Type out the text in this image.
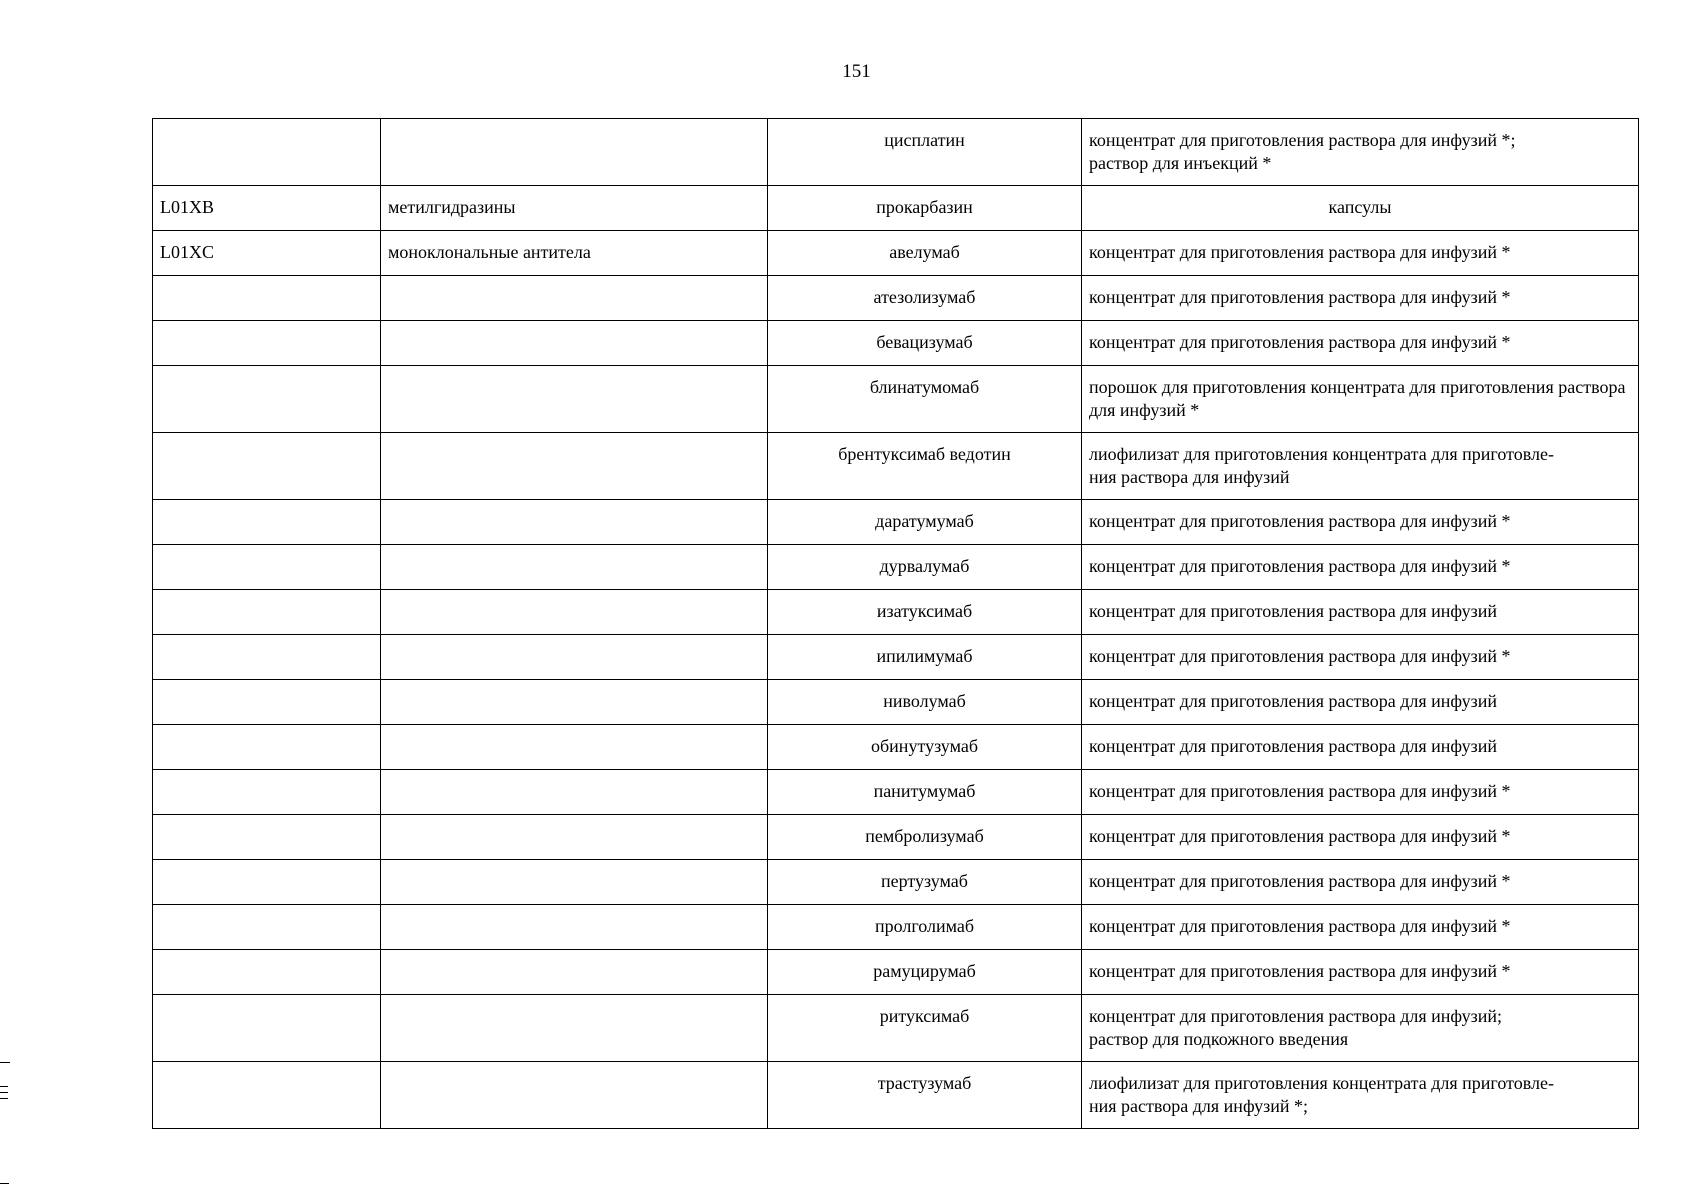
151
		цисплатин	концентрат для приготовления раствора для инфузий *;
раствор для инъекций *
L01XB	метилгидразины	прокарбазин	капсулы
L01XC	моноклональные антитела	авелумаб	концентрат для приготовления раствора для инфузий *
		атезолизумаб	концентрат для приготовления раствора для инфузий *
		бевацизумаб	концентрат для приготовления раствора для инфузий *
		блинатумомаб	порошок для приготовления концентрата для приготовления раствора для инфузий *
		брентуксимаб ведотин	лиофилизат для приготовления концентрата для приготовле-
ния раствора для инфузий
		даратумумаб	концентрат для приготовления раствора для инфузий *
		дурвалумаб	концентрат для приготовления раствора для инфузий *
		изатуксимаб	концентрат для приготовления раствора для инфузий
		ипилимумаб	концентрат для приготовления раствора для инфузий *
		ниволумаб	концентрат для приготовления раствора для инфузий
		обинутузумаб	концентрат для приготовления раствора для инфузий
		панитумумаб	концентрат для приготовления раствора для инфузий *
		пембролизумаб	концентрат для приготовления раствора для инфузий *
		пертузумаб	концентрат для приготовления раствора для инфузий *
		пролголимаб	концентрат для приготовления раствора для инфузий *
		рамуцирумаб	концентрат для приготовления раствора для инфузий *
		ритуксимаб	концентрат для приготовления раствора для инфузий;
раствор для подкожного введения
		трастузумаб	лиофилизат для приготовления концентрата для приготовле-
ния раствора для инфузий *;
